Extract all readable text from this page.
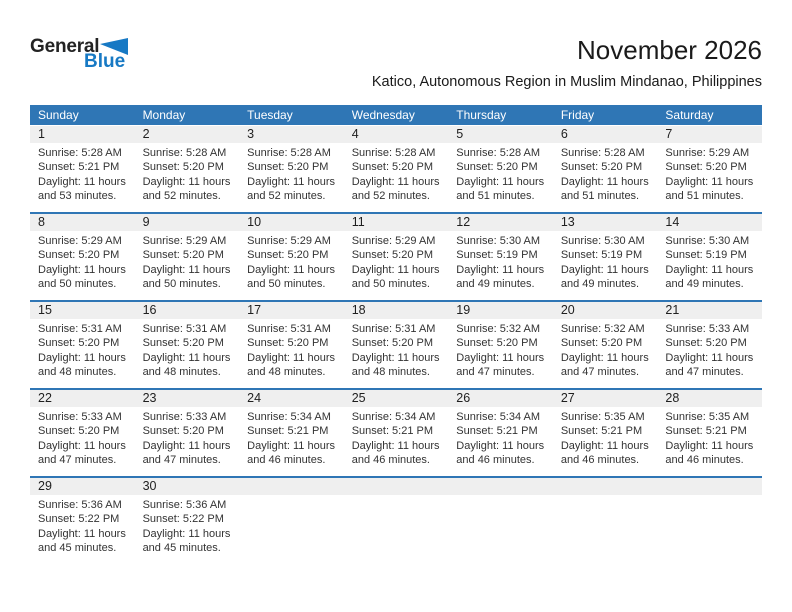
General
Blue	November 2026
Katico, Autonomous Region in Muslim Mindanao, Philippines
Sunday	Monday	Tuesday	Wednesday	Thursday	Friday	Saturday
1	2	3	4	5	6	7
Sunrise: 5:28 AM
Sunset: 5:21 PM
Daylight: 11 hours
and 53 minutes.
Sunrise: 5:28 AM
Sunset: 5:20 PM
Daylight: 11 hours
and 52 minutes.
Sunrise: 5:28 AM
Sunset: 5:20 PM
Daylight: 11 hours
and 52 minutes.
Sunrise: 5:28 AM
Sunset: 5:20 PM
Daylight: 11 hours
and 52 minutes.
Sunrise: 5:28 AM
Sunset: 5:20 PM
Daylight: 11 hours
and 51 minutes.
Sunrise: 5:28 AM
Sunset: 5:20 PM
Daylight: 11 hours
and 51 minutes.
Sunrise: 5:29 AM
Sunset: 5:20 PM
Daylight: 11 hours
and 51 minutes.
8	9	10	11	12	13	14
Sunrise: 5:29 AM
Sunset: 5:20 PM
Daylight: 11 hours
and 50 minutes.
Sunrise: 5:29 AM
Sunset: 5:20 PM
Daylight: 11 hours
and 50 minutes.
Sunrise: 5:29 AM
Sunset: 5:20 PM
Daylight: 11 hours
and 50 minutes.
Sunrise: 5:29 AM
Sunset: 5:20 PM
Daylight: 11 hours
and 50 minutes.
Sunrise: 5:30 AM
Sunset: 5:19 PM
Daylight: 11 hours
and 49 minutes.
Sunrise: 5:30 AM
Sunset: 5:19 PM
Daylight: 11 hours
and 49 minutes.
Sunrise: 5:30 AM
Sunset: 5:19 PM
Daylight: 11 hours
and 49 minutes.
15	16	17	18	19	20	21
Sunrise: 5:31 AM
Sunset: 5:20 PM
Daylight: 11 hours
and 48 minutes.
Sunrise: 5:31 AM
Sunset: 5:20 PM
Daylight: 11 hours
and 48 minutes.
Sunrise: 5:31 AM
Sunset: 5:20 PM
Daylight: 11 hours
and 48 minutes.
Sunrise: 5:31 AM
Sunset: 5:20 PM
Daylight: 11 hours
and 48 minutes.
Sunrise: 5:32 AM
Sunset: 5:20 PM
Daylight: 11 hours
and 47 minutes.
Sunrise: 5:32 AM
Sunset: 5:20 PM
Daylight: 11 hours
and 47 minutes.
Sunrise: 5:33 AM
Sunset: 5:20 PM
Daylight: 11 hours
and 47 minutes.
22	23	24	25	26	27	28
Sunrise: 5:33 AM
Sunset: 5:20 PM
Daylight: 11 hours
and 47 minutes.
Sunrise: 5:33 AM
Sunset: 5:20 PM
Daylight: 11 hours
and 47 minutes.
Sunrise: 5:34 AM
Sunset: 5:21 PM
Daylight: 11 hours
and 46 minutes.
Sunrise: 5:34 AM
Sunset: 5:21 PM
Daylight: 11 hours
and 46 minutes.
Sunrise: 5:34 AM
Sunset: 5:21 PM
Daylight: 11 hours
and 46 minutes.
Sunrise: 5:35 AM
Sunset: 5:21 PM
Daylight: 11 hours
and 46 minutes.
Sunrise: 5:35 AM
Sunset: 5:21 PM
Daylight: 11 hours
and 46 minutes.
29	30
Sunrise: 5:36 AM
Sunset: 5:22 PM
Daylight: 11 hours
and 45 minutes.
Sunrise: 5:36 AM
Sunset: 5:22 PM
Daylight: 11 hours
and 45 minutes.
